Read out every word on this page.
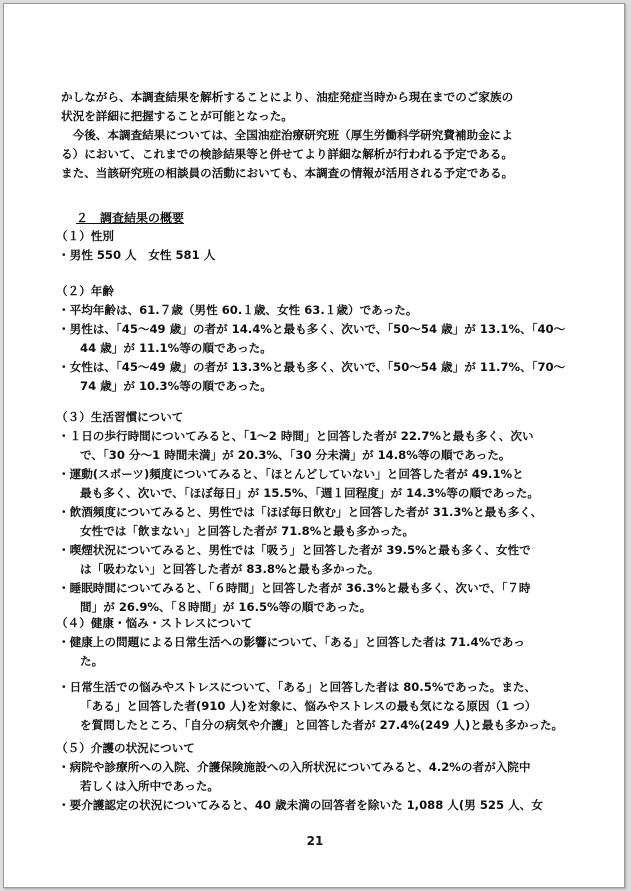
かしながら、本調査結果を解析することにより、油症発症当時から現在までのご家族の

状況を詳細に把握することが可能となった。

今後、本調査結果については、全国油症治療研究班（厚生労働科学研究費補助金によ

る）において、これまでの検診結果等と併せてより詳細な解析が行われる予定である。

また、当該研究班の相談員の活動においても、本調査の情報が活用される予定である。

２　調査結果の概要
（１）性別

・男性 550 人　女性 581 人

（２）年齢

・平均年齢は、61.７歳（男性 60.１歳、女性 63.１歳）であった。

・男性は、「45～49 歳」の者が 14.4%と最も多く、次いで、「50～54 歳」が 13.1%、「40～

44 歳」が 11.1%等の順であった。

・女性は、「45～49 歳」の者が 13.3%と最も多く、次いで、「50～54 歳」が 11.7%、「70～

74 歳」が 10.3%等の順であった。

（３）生活習慣について

・１日の歩行時間についてみると、「1～2 時間」と回答した者が 22.7%と最も多く、次い

で、「30 分～1 時間未満」が 20.3%、「30 分未満」が 14.8%等の順であった。

・運動(スポーツ)頻度についてみると、「ほとんどしていない」と回答した者が 49.1%と

最も多く、次いで、「ほぼ毎日」が 15.5%、「週１回程度」が 14.3%等の順であった。

・飲酒頻度についてみると、男性では「ほぼ毎日飲む」と回答した者が 31.3%と最も多く、

女性では「飲まない」と回答した者が 71.8%と最も多かった。

・喫煙状況についてみると、男性では「吸う」と回答した者が 39.5%と最も多く、女性で

は「吸わない」と回答した者が 83.8%と最も多かった。

・睡眠時間についてみると、「６時間」と回答した者が 36.3%と最も多く、次いで、「７時

間」が 26.9%、「８時間」が 16.5%等の順であった。

（４）健康・悩み・ストレスについて

・健康上の問題による日常生活への影響について、「ある」と回答した者は 71.4%であっ

た。

・日常生活での悩みやストレスについて、「ある」と回答した者は 80.5%であった。また、

「ある」と回答した者(910 人)を対象に、悩みやストレスの最も気になる原因（1 つ）

を質問したところ、「自分の病気や介護」と回答した者が 27.4%(249 人)と最も多かった。

（５）介護の状況について

・病院や診療所への入院、介護保険施設への入所状況についてみると、4.2%の者が入院中

若しくは入所中であった。

・要介護認定の状況についてみると、40 歳未満の回答者を除いた 1,088 人(男 525 人、女

21
